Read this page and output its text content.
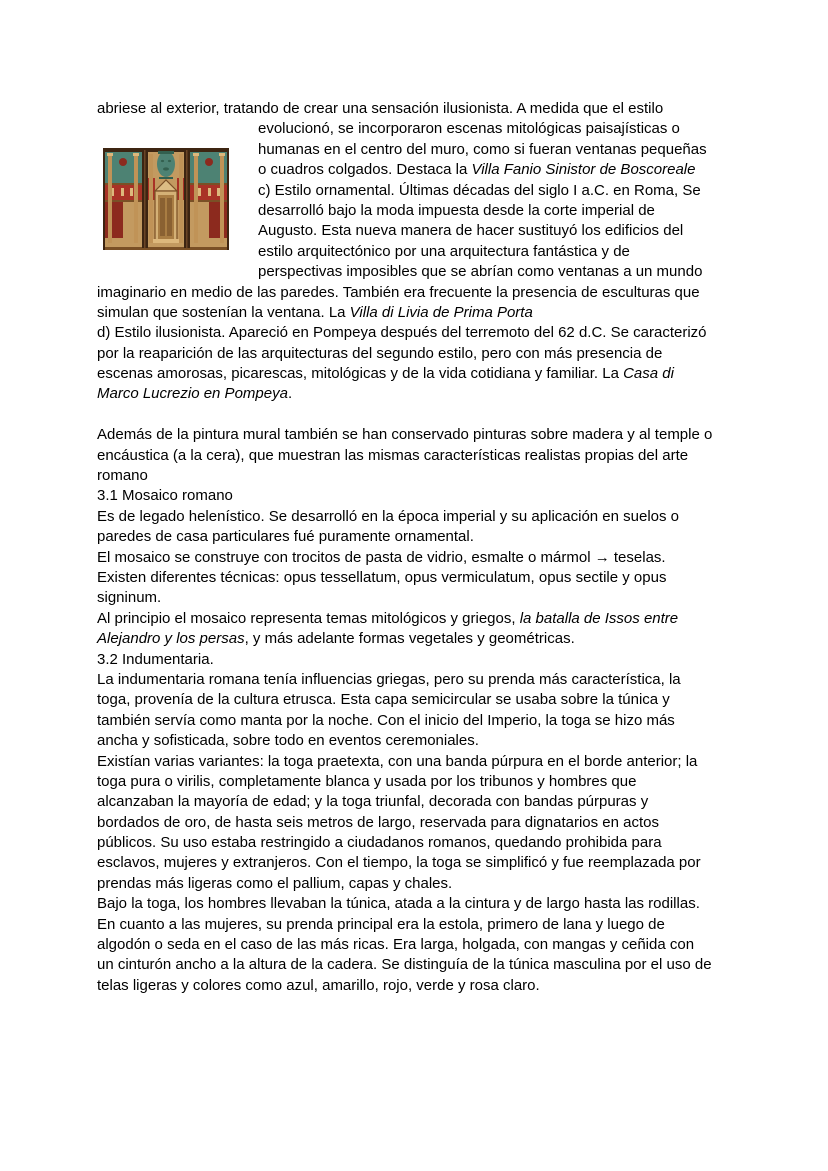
abriese al exterior, tratando de crear una sensación ilusionista. A medida que el estilo
evolucionó, se incorporaron escenas mitológicas paisajísticas o
humanas en el centro del muro, como si fueran ventanas pequeñas
o cuadros colgados. Destaca la Villa Fanio Sinistor de Boscoreale
c) Estilo ornamental. Últimas décadas del siglo I a.C. en Roma, Se
desarrolló bajo la moda impuesta desde la corte imperial de
Augusto. Esta nueva manera de hacer sustituyó los edificios del
estilo arquitectónico por una arquitectura fantástica y de
perspectivas imposibles que se abrían como ventanas a un mundo
imaginario en medio de las paredes. También era frecuente la presencia de esculturas que
simulan que sostenían la ventana. La Villa di Livia de Prima Porta
d) Estilo ilusionista. Apareció en Pompeya después del terremoto del 62 d.C. Se caracterizó
por la reaparición de las arquitecturas del segundo estilo, pero con más presencia de
escenas amorosas, picarescas, mitológicas y de la vida cotidiana y familiar. La Casa di
Marco Lucrezio en Pompeya.

Además de la pintura mural también se han conservado pinturas sobre madera y al temple o
encáustica (a la cera), que muestran las mismas características realistas propias del arte
romano
3.1 Mosaico romano
Es de legado helenístico. Se desarrolló en la época imperial y su aplicación en suelos o
paredes de casa particulares fué puramente ornamental.
El mosaico se construye con trocitos de pasta de vidrio, esmalte o mármol → teselas.
Existen diferentes técnicas: opus tessellatum, opus vermiculatum, opus sectile y opus
signinum.
Al principio el mosaico representa temas mitológicos y griegos, la batalla de Issos entre
Alejandro y los persas, y más adelante formas vegetales y geométricas.
3.2 Indumentaria.
La indumentaria romana tenía influencias griegas, pero su prenda más característica, la
toga, provenía de la cultura etrusca. Esta capa semicircular se usaba sobre la túnica y
también servía como manta por la noche. Con el inicio del Imperio, la toga se hizo más
ancha y sofisticada, sobre todo en eventos ceremoniales.
Existían varias variantes: la toga praetexta, con una banda púrpura en el borde anterior; la
toga pura o virilis, completamente blanca y usada por los tribunos y hombres que
alcanzaban la mayoría de edad; y la toga triunfal, decorada con bandas púrpuras y
bordados de oro, de hasta seis metros de largo, reservada para dignatarios en actos
públicos. Su uso estaba restringido a ciudadanos romanos, quedando prohibida para
esclavos, mujeres y extranjeros. Con el tiempo, la toga se simplificó y fue reemplazada por
prendas más ligeras como el pallium, capas y chales.
Bajo la toga, los hombres llevaban la túnica, atada a la cintura y de largo hasta las rodillas.
En cuanto a las mujeres, su prenda principal era la estola, primero de lana y luego de
algodón o seda en el caso de las más ricas. Era larga, holgada, con mangas y ceñida con
un cinturón ancho a la altura de la cadera. Se distinguía de la túnica masculina por el uso de
telas ligeras y colores como azul, amarillo, rojo, verde y rosa claro.
